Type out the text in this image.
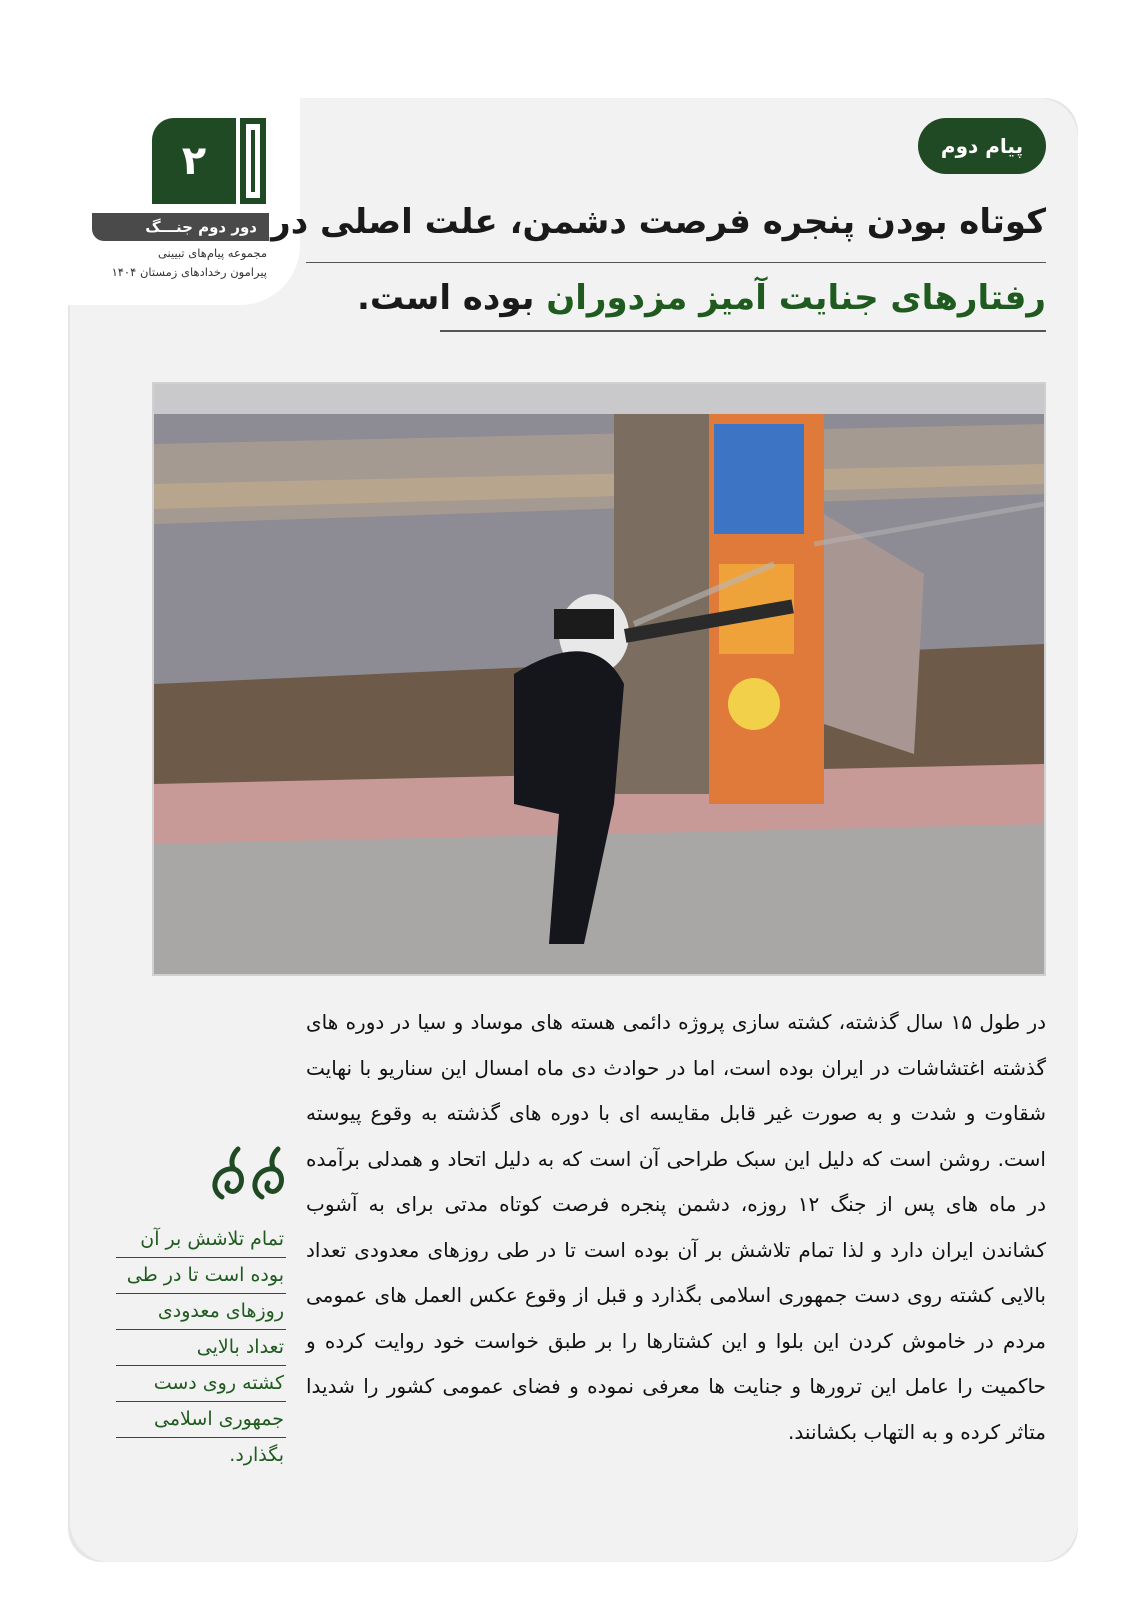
۲
دور دوم جنـــگ
مجموعه پیام‌های تبیینی
پیرامون رخدادهای زمستان ۱۴۰۴
پیام دوم
کوتاه بودن پنجره فرصت دشمن، علت اصلی در
رفتارهای جنایت آمیز مزدوران بوده است.
در طول ۱۵ سال گذشته، کشته سازی پروژه دائمی هسته های موساد و سیا در دوره های گذشته اغتشاشات در ایران بوده است، اما در حوادث دی ماه امسال این سناریو با نهایت شقاوت و شدت و به صورت غیر قابل مقایسه ای با دوره های گذشته به وقوع پیوسته است. روشن است که دلیل این سبک طراحی آن است که به دلیل اتحاد و همدلی برآمده در ماه های پس از جنگ ۱۲ روزه، دشمن پنجره فرصت کوتاه مدتی برای به آشوب کشاندن ایران دارد و لذا تمام تلاشش بر آن بوده است تا در طی روزهای معدودی تعداد بالایی کشته روی دست جمهوری اسلامی بگذارد و قبل از وقوع عکس العمل های عمومی مردم در خاموش کردن این بلوا و این کشتارها را بر طبق خواست خود روایت کرده و حاکمیت را عامل این ترورها و جنایت ها معرفی نموده و فضای عمومی کشور را شدیدا متاثر کرده و به التهاب بکشانند.
تمام تلاشش بر آن
بوده است تا در طی
روزهای معدودی
تعداد بالایی
کشته روی دست
جمهوری اسلامی
بگذارد.
